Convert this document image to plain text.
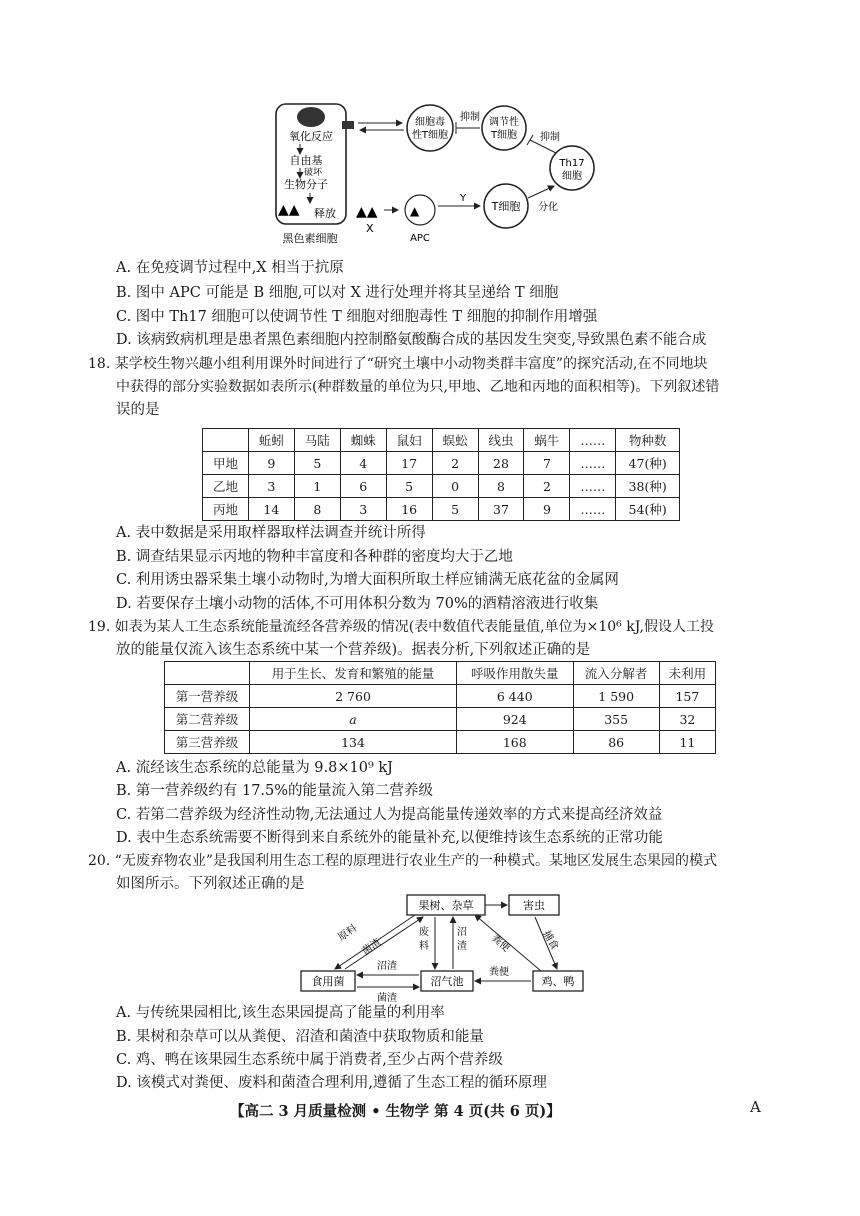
氧化反应
自由基
破坏
生物分子
释放
▲▲
黑色素细胞
▲▲
X
▲
APC
Y
T细胞
细胞毒
性T细胞
调节性
T细胞
抑制
Th17
细胞
抑制
分化
A. 在免疫调节过程中,X 相当于抗原
B. 图中 APC 可能是 B 细胞,可以对 X 进行处理并将其呈递给 T 细胞
C. 图中 Th17 细胞可以使调节性 T 细胞对细胞毒性 T 细胞的抑制作用增强
D. 该病致病机理是患者黑色素细胞内控制酪氨酸酶合成的基因发生突变,导致黑色素不能合成
18. 某学校生物兴趣小组利用课外时间进行了“研究土壤中小动物类群丰富度”的探究活动,在不同地块
中获得的部分实验数据如表所示(种群数量的单位为只,甲地、乙地和丙地的面积相等)。下列叙述错
误的是
	蚯蚓	马陆	蜘蛛	鼠妇	蜈蚣	线虫	蜗牛	……	物种数
甲地	9	5	4	17	2	28	7	……	47(种)
乙地	3	1	6	5	0	8	2	……	38(种)
丙地	14	8	3	16	5	37	9	……	54(种)
A. 表中数据是采用取样器取样法调查并统计所得
B. 调查结果显示丙地的物种丰富度和各种群的密度均大于乙地
C. 利用诱虫器采集土壤小动物时,为增大面积所取土样应铺满无底花盆的金属网
D. 若要保存土壤小动物的活体,不可用体积分数为 70%的酒精溶液进行收集
19. 如表为某人工生态系统能量流经各营养级的情况(表中数值代表能量值,单位为×10⁶ kJ,假设人工投
放的能量仅流入该生态系统中某一个营养级)。据表分析,下列叙述正确的是
	用于生长、发育和繁殖的能量	呼吸作用散失量	流入分解者	未利用
第一营养级	2 760	6 440	1 590	157
第二营养级	a	924	355	32
第三营养级	134	168	86	11
A. 流经该生态系统的总能量为 9.8×10⁹ kJ
B. 第一营养级约有 17.5%的能量流入第二营养级
C. 若第二营养级为经济性动物,无法通过人为提高能量传递效率的方式来提高经济效益
D. 表中生态系统需要不断得到来自系统外的能量补充,以便维持该生态系统的正常功能
20. “无废弃物农业”是我国利用生态工程的原理进行农业生产的一种模式。某地区发展生态果园的模式
如图所示。下列叙述正确的是
果树、杂草	害虫
食用菌	沼气池	鸡、鸭
原料
菌渣
废
料
沼
渣	捕食
粪便
粪便
沼渣
菌渣
A. 与传统果园相比,该生态果园提高了能量的利用率
B. 果树和杂草可以从粪便、沼渣和菌渣中获取物质和能量
C. 鸡、鸭在该果园生态系统中属于消费者,至少占两个营养级
D. 该模式对粪便、废料和菌渣合理利用,遵循了生态工程的循环原理
【高二 3 月质量检测 • 生物学 第 4 页(共 6 页)】	A
